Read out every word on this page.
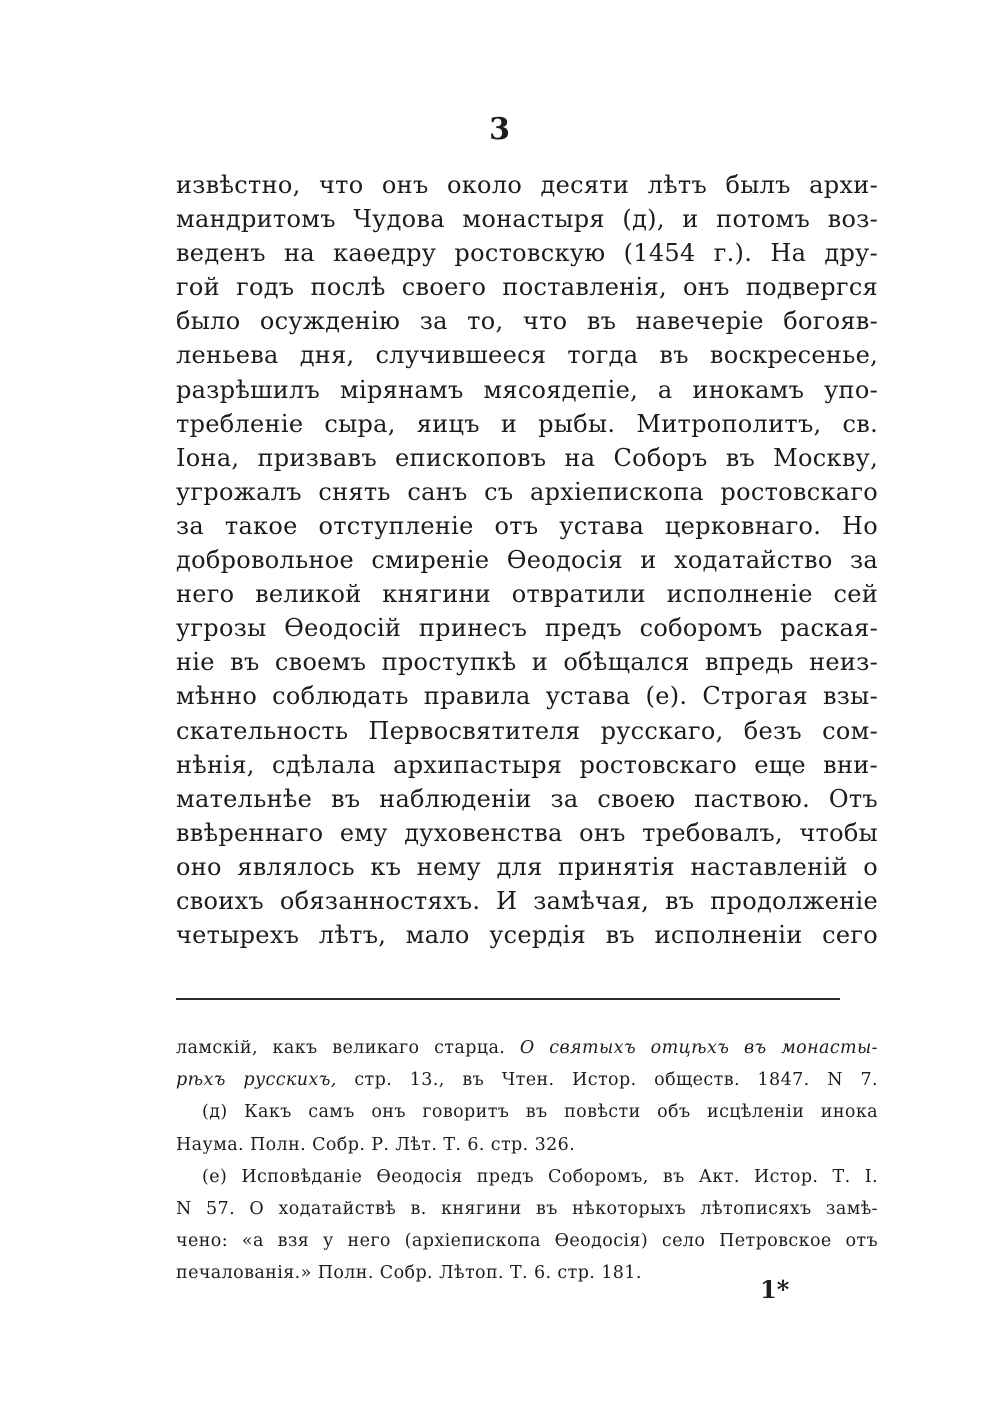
3
извѣстно, что онъ около десяти лѣтъ былъ архи-
мандритомъ Чудова монастыря (д), и потомъ воз-
веденъ на каѳедру ростовскую (1454 г.). На дру-
гой годъ послѣ своего поставленія, онъ подвергся
было осужденію за то, что въ навечеріе богояв-
леньева дня, случившееся тогда въ воскресенье,
разрѣшилъ мірянамъ мясоядепіе, а инокамъ упо-
требленіе сыра, яицъ и рыбы. Митрополитъ, св.
Іона, призвавъ епископовъ на Соборъ въ Москву,
угрожалъ снять санъ съ архіепископа ростовскаго
за такое отступленіе отъ устава церковнаго. Но
добровольное смиреніе Ѳеодосія и ходатайство за
него великой княгини отвратили исполненіе сей
угрозы Ѳеодосій принесъ предъ соборомъ раская-
ніе въ своемъ проступкѣ и обѣщался впредь неиз-
мѣнно соблюдать правила устава (е). Строгая взы-
скательность Первосвятителя русскаго, безъ сом-
нѣнія, сдѣлала архипастыря ростовскаго еще вни-
мательнѣе въ наблюденіи за своею паствою. Отъ
ввѣреннаго ему духовенства онъ требовалъ, чтобы
оно являлось къ нему для принятія наставленій о
своихъ обязанностяхъ. И замѣчая, въ продолженіе
четырехъ лѣтъ, мало усердія въ исполненіи сего
ламскій, какъ великаго старца. О святыхъ отцѣхъ въ монасты-
рѣхъ русскихъ, стр. 13., въ Чтен. Истор. обществ. 1847. N 7.
(д) Какъ самъ онъ говоритъ въ повѣсти объ исцѣленіи инока
Наума. Полн. Собр. Р. Лѣт. Т. 6. стр. 326.
(е) Исповѣданіе Ѳеодосія предъ Соборомъ, въ Акт. Истор. Т. I.
N 57. О ходатайствѣ в. княгини въ нѣкоторыхъ лѣтописяхъ замѣ-
чено: «а взя у него (архіепископа Ѳеодосія) село Петровское отъ
печалованія.» Полн. Собр. Лѣтоп. Т. 6. стр. 181.
1*
